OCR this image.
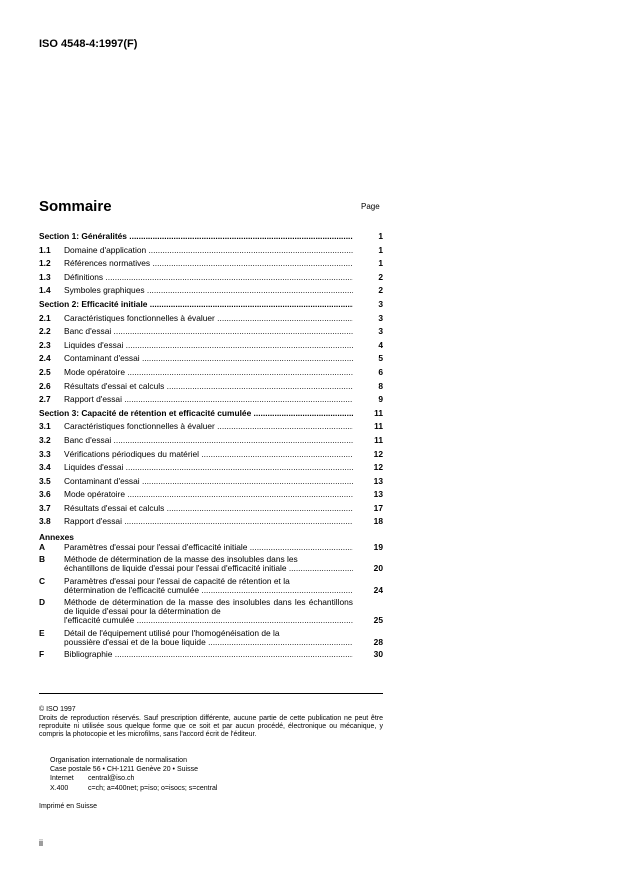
ISO 4548-4:1997(F)
Sommaire	Page
Section 1: Généralités .....	1
1.1 Domaine d'application .....	1
1.2 Références normatives .....	1
1.3 Définitions .....	2
1.4 Symboles graphiques .....	2
Section 2: Efficacité initiale .....	3
2.1 Caractéristiques fonctionnelles à évaluer .....	3
2.2 Banc d'essai .....	3
2.3 Liquides d'essai .....	4
2.4 Contaminant d'essai .....	5
2.5 Mode opératoire .....	6
2.6 Résultats d'essai et calculs .....	8
2.7 Rapport d'essai .....	9
Section 3: Capacité de rétention et efficacité cumulée .....	11
3.1 Caractéristiques fonctionnelles à évaluer .....	11
3.2 Banc d'essai .....	11
3.3 Vérifications périodiques du matériel .....	12
3.4 Liquides d'essai .....	12
3.5 Contaminant d'essai .....	13
3.6 Mode opératoire .....	13
3.7 Résultats d'essai et calculs .....	17
3.8 Rapport d'essai .....	18
Annexes
A Paramètres d'essai pour l'essai d'efficacité initiale .....	19
B Méthode de détermination de la masse des insolubles dans les
échantillons de liquide d'essai pour l'essai d'efficacité initiale .....	20
C Paramètres d'essai pour l'essai de capacité de rétention et la
détermination de l'efficacité cumulée .....	24
D Méthode de détermination de la masse des insolubles dans les échantillons de liquide d'essai pour la détermination de
l'efficacité cumulée .....	25
E Détail de l'équipement utilisé pour l'homogénéisation de la
poussière d'essai et de la boue liquide .....	28
F Bibliographie .....	30
© ISO 1997
Droits de reproduction réservés. Sauf prescription différente, aucune partie de cette publication ne peut être reproduite ni utilisée sous quelque forme que ce soit et par aucun procédé, électronique ou mécanique, y compris la photocopie et les microfilms, sans l'accord écrit de l'éditeur.
Organisation internationale de normalisation
Case postale 56 • CH-1211 Genève 20 • Suisse
Internet central@iso.ch
X.400	c=ch; a=400net; p=iso; o=isocs; s=central
Imprimé en Suisse
ii
